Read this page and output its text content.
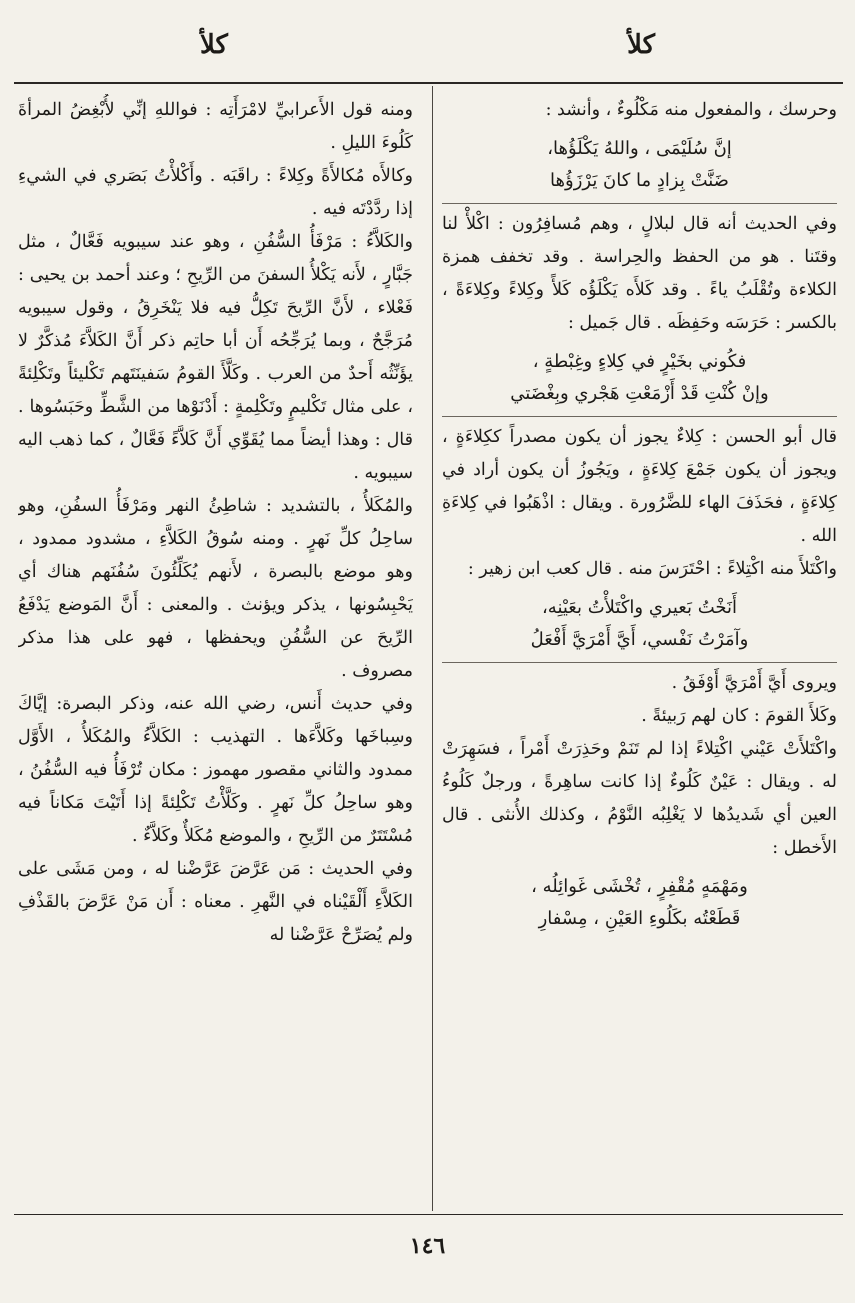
كلأ
كلأ

وحرسك ، والمفعول منه مَكْلُوءٌ ، وأنشد :

إنَّ سُلَيْمَى ، واللهُ يَكْلَؤُها،
ضَنَّتْ بِزادٍ ما كانَ يَرْزَؤُها

وفي الحديث أنه قال لبلالٍ ، وهم مُسافِرُون : اكْلأْ لنا وقتَنا . هو من الحفظ والحِراسة . وقد تخفف همزة الكلاءة وتُقْلَبُ ياءً . وقد كَلأَه يَكْلَؤُه كَلأً وكِلاءً وكِلاءَةً ، بالكسر : حَرَسَه وحَفِظَه . قال جَميل :

فكُوني بخَيْرٍ في كِلاءٍ وغِبْطةٍ ،
وإنْ كُنْتِ قَدْ أَزْمَعْتِ هَجْري وبِغْضَتي

قال أبو الحسن : كِلاءٌ يجوز أن يكون مصدراً ككِلاءَةٍ ، ويجوز أن يكون جَمْعَ كِلاءَةٍ ، ويَجُوزُ أن يكون أراد في كِلاءَةٍ ، فحَذَفَ الهاء للضَّرُورة . ويقال : اذْهَبُوا في كِلاءَةِ الله .

واكْتَلأَ منه اكْتِلاءً : احْتَرَسَ منه . قال كعب ابن زهير :

أَنَخْتُ بَعيري واكْتَلأْتُ بعَيْنِه،
وآمَرْتُ نَفْسي، أَيَّ أَمْرَيَّ أَفْعَلُ

ويروى أَيَّ أَمْرَيَّ أَوْفَقُ .

وكَلأَ القومَ : كان لهم رَبيئةً .

واكْتَلأَتْ عَيْني اكْتِلاءً إذا لم تَنَمْ وحَذِرَتْ أَمْراً ، فسَهِرَتْ له . ويقال : عَيْنٌ كَلُوءٌ إذا كانت ساهِرةً ، ورجلٌ كَلُوءُ العين أي شَديدُها لا يَغْلِبُه النَّوْمُ ، وكذلك الأُنثى . قال الأَخطل :

ومَهْمَهٍ مُقْفِرٍ ، تُخْشَى غَوائِلُه ،
قَطَعْتُه بكَلُوءِ العَيْنِ ، مِسْفارِ

ومنه قول الأَعرابيِّ لامْرَأَتِه : فواللهِ إنِّي لأُبْغِضُ المرأةَ كَلُوءَ الليلِ .

وكالأَه مُكالأَةً وكِلاءً : راقَبَه . وأَكْلأْتُ بَصَري في الشيءِ إذا ردَّدْتَه فيه .

والكَلاَّءُ : مَرْفَأُ السُّفُنِ ، وهو عند سيبويه فَعَّالٌ ، مثل جَبَّارٍ ، لأَنه يَكْلأُ السفنَ من الرِّيحِ ؛ وعند أحمد بن يحيى : فَعْلاء ، لأَنَّ الرِّيحَ تَكِلُّ فيه فلا يَنْخَرِقُ ، وقول سيبويه مُرَجَّحٌ ، وبما يُرَجِّحُه أَن أبا حاتِم ذكر أَنَّ الكَلاَّءَ مُذكَّرٌ لا يؤَنِّثُه أَحدٌ من العرب . وكَلَّأَ القومُ سَفينَتَهم تَكْليئاً وتَكْلِئةً ، على مثال تَكْليمٍ وتَكْلِمةٍ : أَدْنَوْها من الشَّطِّ وحَبَسُوها . قال : وهذا أيضاً مما يُقَوِّي أَنَّ كَلاَّءً فَعَّالٌ ، كما ذهب اليه سيبويه .

والمُكَلأُ ، بالتشديد : شاطِئُ النهر ومَرْفَأُ السفُنِ، وهو ساحِلُ كلِّ نَهرٍ . ومنه سُوقُ الكَلاَّءِ ، مشدود ممدود ، وهو موضع بالبصرة ، لأَنهم يُكَلِّئُونَ سُفُنَهم هناك أي يَحْبِسُونها ، يذكر ويؤنث . والمعنى : أَنَّ المَوضع يَدْفَعُ الرِّيحَ عن السُّفُنِ ويحفظها ، فهو على هذا مذكر مصروف .

وفي حديث أَنس، رضي الله عنه، وذكر البصرة: إيَّاكَ وسِباخَها وكَلاَّءَها . التهذيب : الكَلاَّءُ والمُكَلأُ ، الأَوَّل ممدود والثاني مقصور مهموز : مكان تُرْفَأُ فيه السُّفُنُ ، وهو ساحِلُ كلِّ نَهرٍ . وكَلَّأْتُ تَكْلِئةً إذا أَتَيْتَ مَكاناً فيه مُسْتَتَرٌ من الرِّيحِ ، والموضع مُكَلأٌ وكَلاَّءٌ .

وفي الحديث : مَن عَرَّضَ عَرَّضْنا له ، ومن مَشَى على الكَلاَّءِ أَلْقَيْناه في النَّهرِ . معناه : أَن مَنْ عَرَّضَ بالقَذْفِ ولم يُصَرِّحْ عَرَّضْنا له

١٤٦
